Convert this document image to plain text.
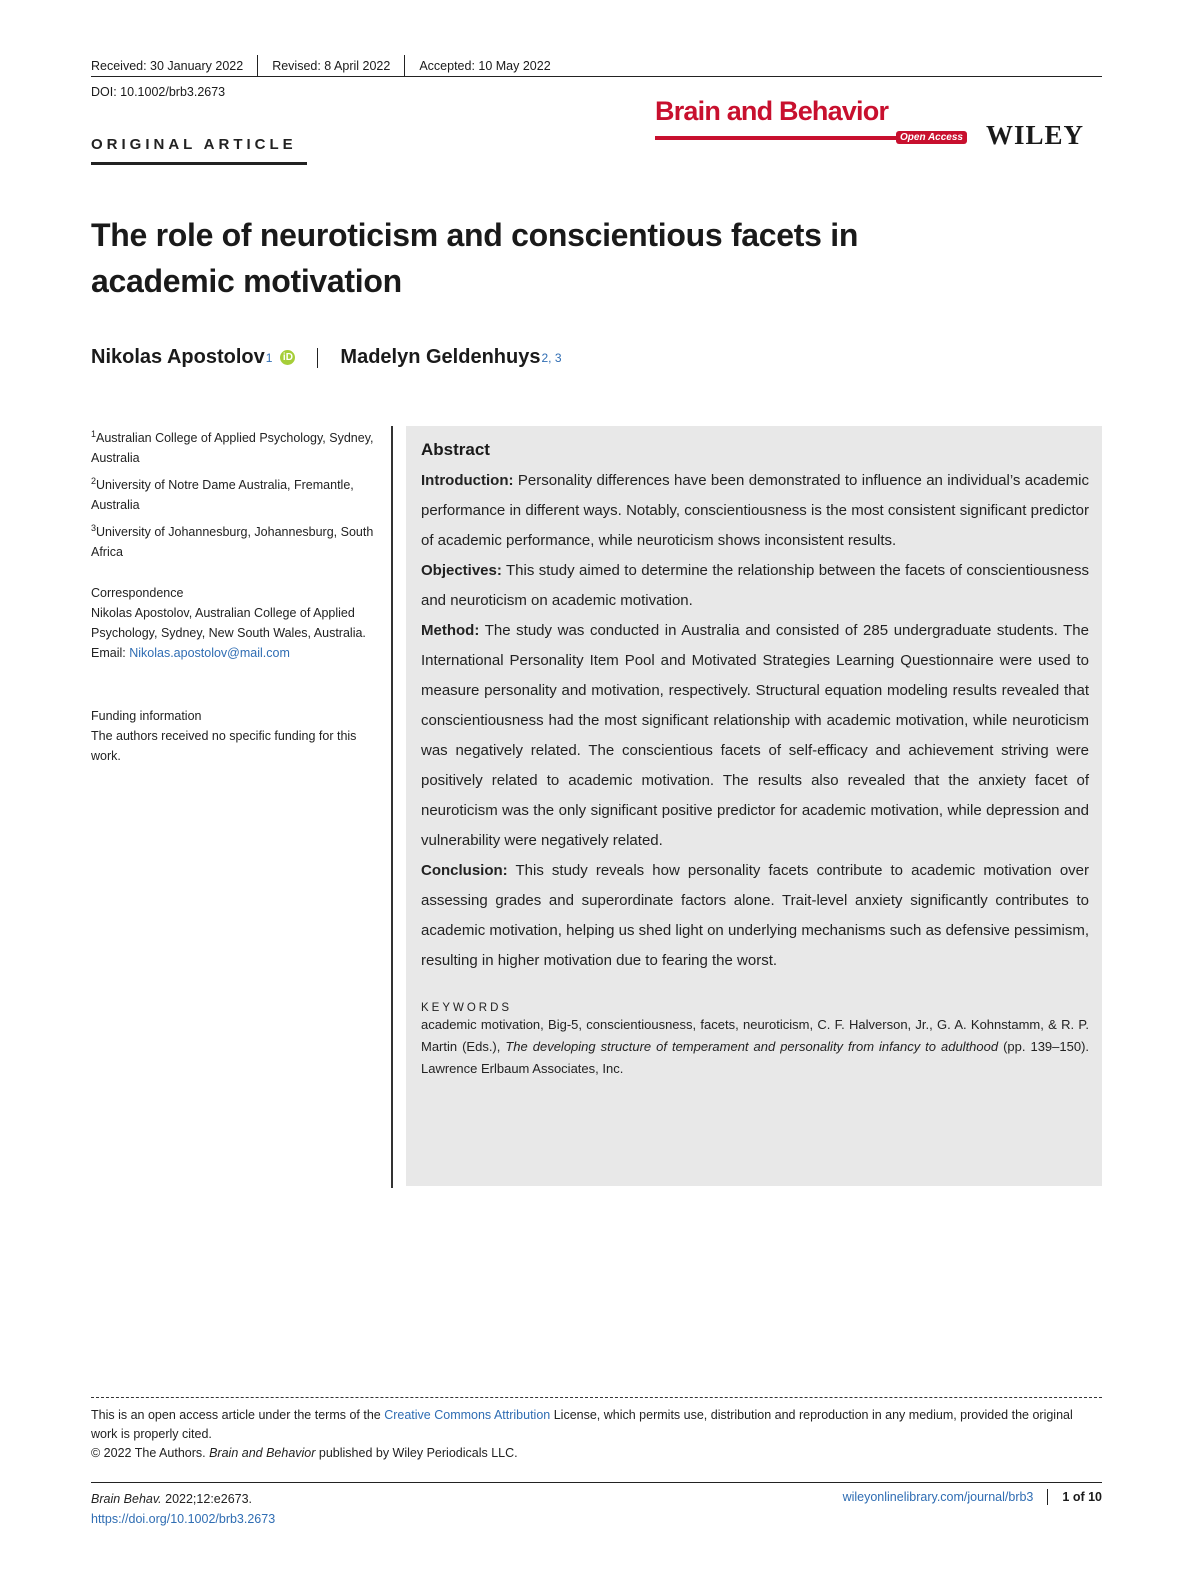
Received: 30 January 2022 Revised: 8 April 2022 Accepted: 10 May 2022
DOI: 10.1002/brb3.2673
ORIGINAL ARTICLE
Brain and Behavior
Open Access WILEY
The role of neuroticism and conscientious facets in academic motivation
Nikolas Apostolov 1 iD Madelyn Geldenhuys 2, 3
$^1$Australian College of Applied Psychology, Sydney, Australia
$^2$University of Notre Dame Australia, Fremantle, Australia
$^3$University of Johannesburg, Johannesburg, South Africa
Correspondence
Nikolas Apostolov, Australian College of Applied Psychology, Sydney, New South Wales, Australia.
Email: Nikolas.apostolov@mail.com
Funding information
The authors received no specific funding for this work.
Abstract

Introduction: Personality differences have been demonstrated to influence an individual’s academic performance in different ways. Notably, conscientiousness is the most consistent significant predictor of academic performance, while neuroticism shows inconsistent results.

Objectives: This study aimed to determine the relationship between the facets of conscientiousness and neuroticism on academic motivation.

Method: The study was conducted in Australia and consisted of 285 undergraduate students. The International Personality Item Pool and Motivated Strategies Learning Questionnaire were used to measure personality and motivation, respectively. Structural equation modeling results revealed that conscientiousness had the most significant relationship with academic motivation, while neuroticism was negatively related. The conscientious facets of self-efficacy and achievement striving were positively related to academic motivation. The results also revealed that the anxiety facet of neuroticism was the only significant positive predictor for academic motivation, while depression and vulnerability were negatively related.

Conclusion: This study reveals how personality facets contribute to academic motivation over assessing grades and superordinate factors alone. Trait-level anxiety significantly contributes to academic motivation, helping us shed light on underlying mechanisms such as defensive pessimism, resulting in higher motivation due to fearing the worst.

KEYWORDS
academic motivation, Big-5, conscientiousness, facets, neuroticism, C. F. Halverson, Jr., G. A. Kohnstamm, & R. P. Martin (Eds.), The developing structure of temperament and personality from infancy to adulthood (pp. 139–150). Lawrence Erlbaum Associates, Inc.
This is an open access article under the terms of the Creative Commons Attribution License, which permits use, distribution and reproduction in any medium, provided the original work is properly cited.
© 2022 The Authors. Brain and Behavior published by Wiley Periodicals LLC.
Brain Behav. 2022;12:e2673.
https://doi.org/10.1002/brb3.2673
wileyonlinelibrary.com/journal/brb3 1 of 10
